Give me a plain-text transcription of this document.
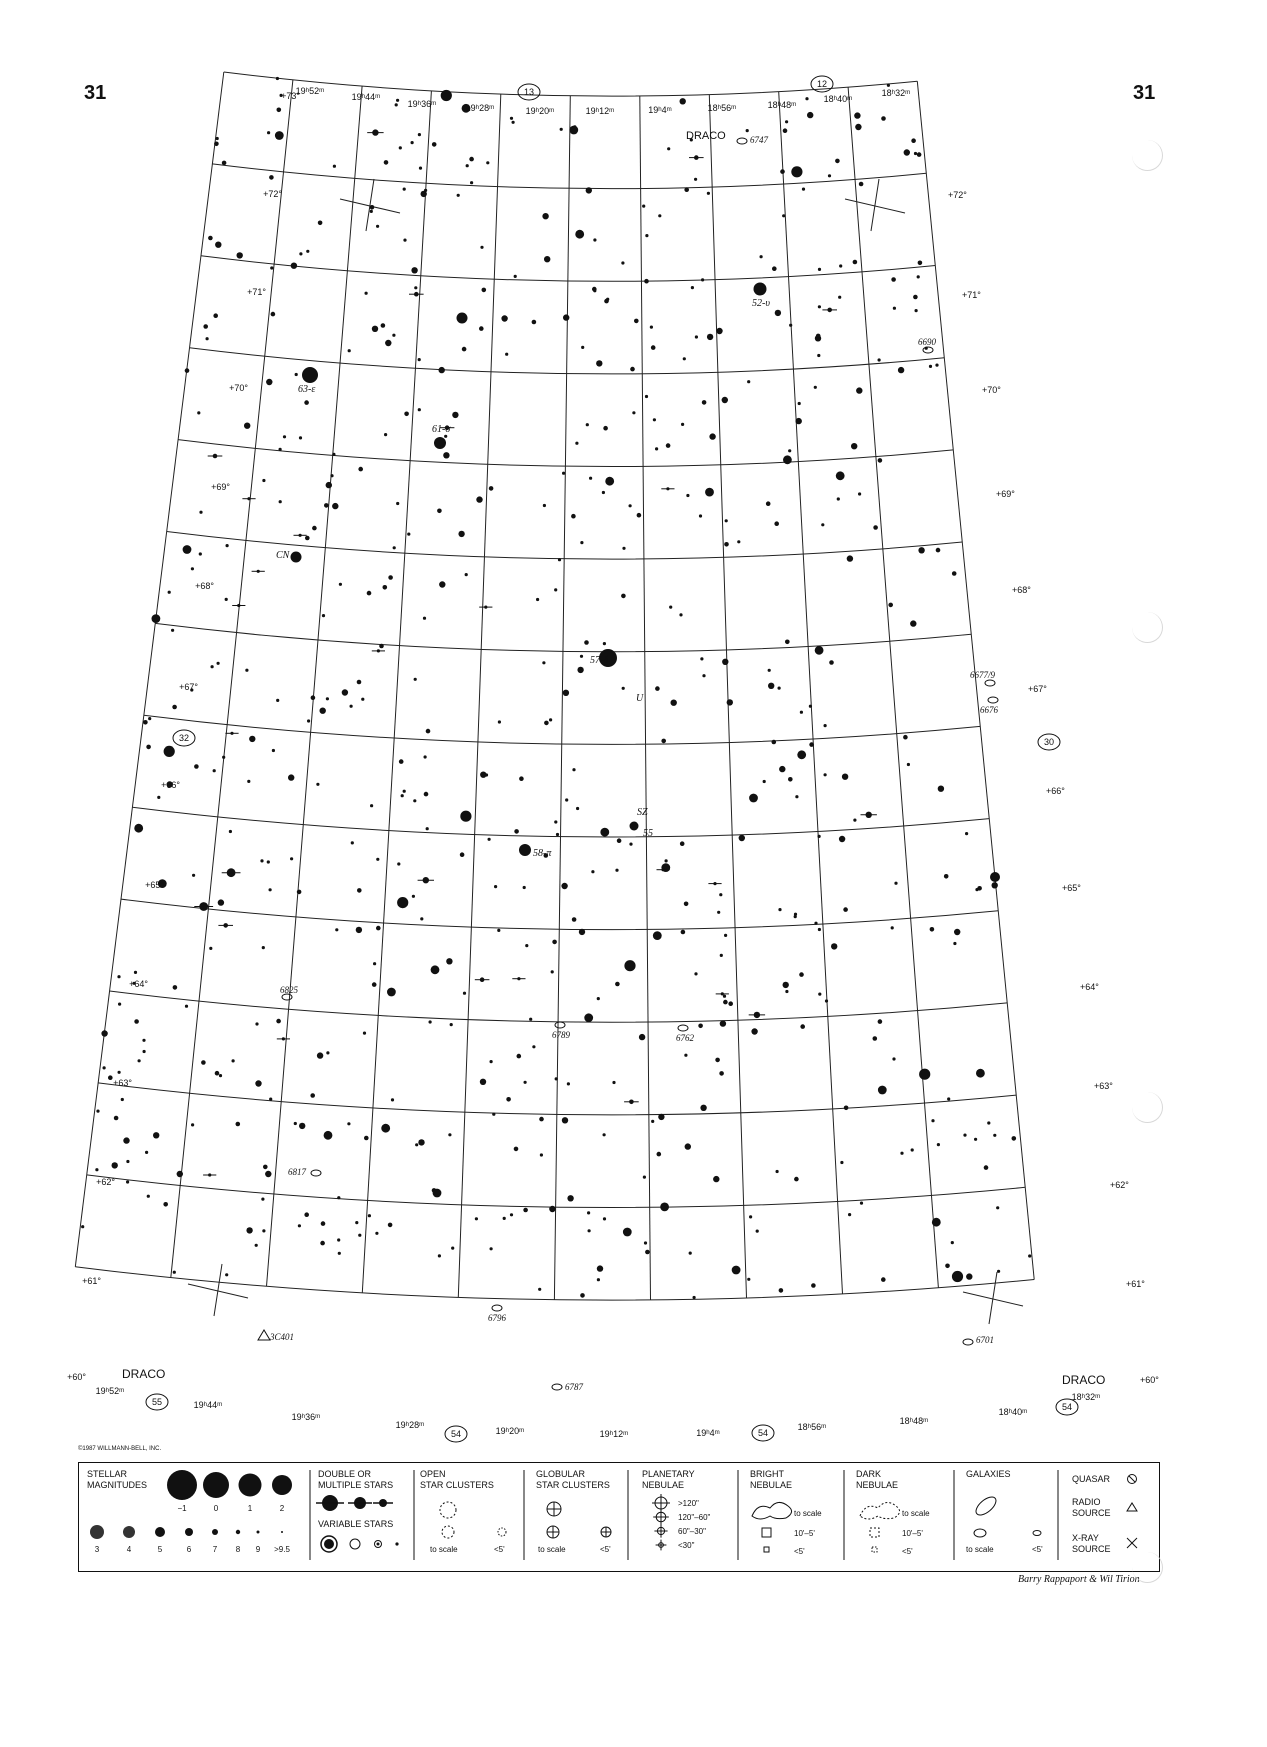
31	31
19ʰ52ᵐ
19ʰ44ᵐ
19ʰ36ᵐ	19ʰ28ᵐ	19ʰ20ᵐ	19ʰ12ᵐ	19ʰ4ᵐ	18ʰ56ᵐ	18ʰ48ᵐ
18ʰ40ᵐ
18ʰ32ᵐ
19ʰ52ᵐ
19ʰ44ᵐ
19ʰ36ᵐ
19ʰ28ᵐ
19ʰ20ᵐ	19ʰ12ᵐ	19ʰ4ᵐ
18ʰ56ᵐ
18ʰ48ᵐ
18ʰ40ᵐ
18ʰ32ᵐ
+73°
+72°
+71°
+70°
+69°
+68°
+67°
+66°
+65°
+64°
+63°
+62°
+61°
+60°
+72°
+71°
+70°
+69°
+68°
+67°
+66°
+65°
+64°
+63°
+62°
+61°
+60°
DRACO
DRACO	DRACO
63-ε
61-σ
CN
57-δ
U
58-π
SZ
55
52-υ
6747
6690
6677/9
6676
6825
6789	6762
6817
6796
6787
6701
3C401
13
12
32	30
55
54	54
54
STELLAR
MAGNITUDES
−1	0	1	2
3	4	5	6	7 8 9 >9.5
DOUBLE OR
MULTIPLE STARS
VARIABLE STARS
OPEN
STAR CLUSTERS
to scale	<5'
GLOBULAR
STAR CLUSTERS
to scale	<5'
PLANETARY
NEBULAE
>120"
120"–60"
60"–30"
<30"
BRIGHT
NEBULAE
to scale
10'–5'
<5'
DARK
NEBULAE
to scale
10'–5'
<5'
GALAXIES
to scale	<5'
QUASAR
RADIO
SOURCE
X-RAY
SOURCE
©1987 WILLMANN-BELL, INC.
Barry Rappaport & Wil Tirion
